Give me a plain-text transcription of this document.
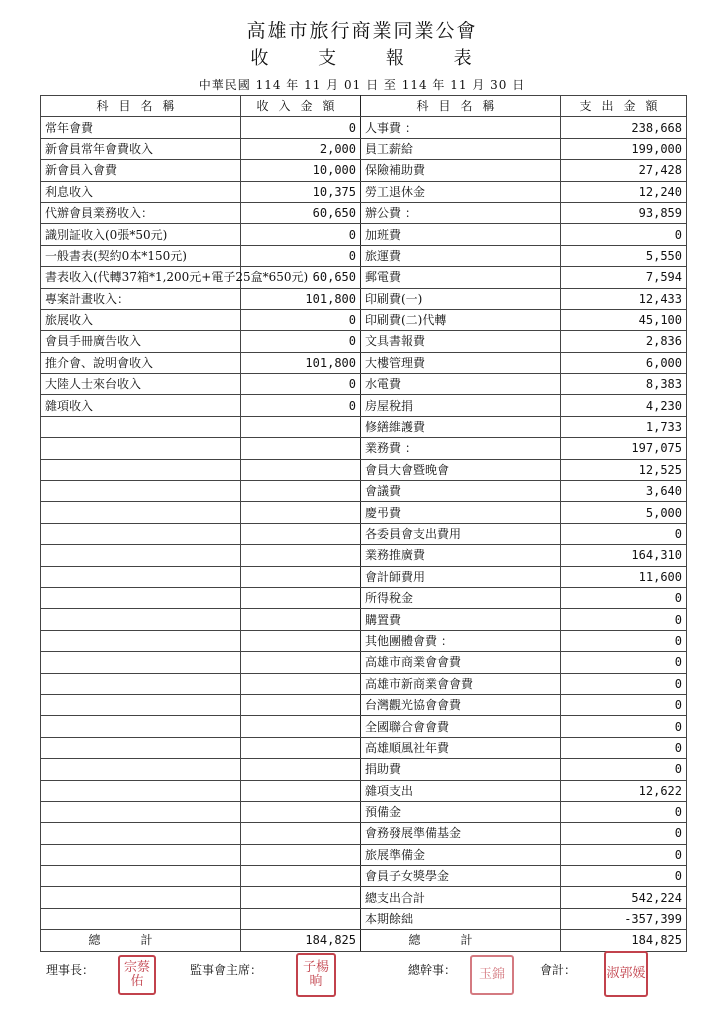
高雄市旅行商業同業公會
收 支 報 表
中華民國 114 年 11 月 01 日 至 114 年 11 月 30 日
科目名稱	收入金額	科目名稱	支出金額
常年會費	0	人事費 ：	238,668
新會員常年會費收入	2,000	員工薪給	199,000
新會員入會費	10,000	保險補助費	27,428
利息收入	10,375	勞工退休金	12,240
代辦會員業務收入：	60,650	辦公費 ：	93,859
識別証收入(0張*50元)	0	加班費	0
一般書表(契約0本*150元)	0	旅運費	5,550
書表收入(代轉37箱*1,200元+電子25盒*650元)	60,650	郵電費	7,594
專案計畫收入：	101,800	印刷費(一)	12,433
旅展收入	0	印刷費(二)代轉	45,100
會員手冊廣告收入	0	文具書報費	2,836
推介會、說明會收入	101,800	大樓管理費	6,000
大陸人士來台收入	0	水電費	8,383
雜項收入	0	房屋稅捐	4,230
		修繕維護費	1,733
		業務費 ：	197,075
		會員大會暨晚會	12,525
		會議費	3,640
		慶弔費	5,000
		各委員會支出費用	0
		業務推廣費	164,310
		會計師費用	11,600
		所得稅金	0
		購置費	0
		其他團體會費 ：	0
		高雄市商業會會費	0
		高雄市新商業會會費	0
		台灣觀光協會會費	0
		全國聯合會會費	0
		高雄順風社年費	0
		捐助費	0
		雜項支出	12,622
		預備金	0
		會務發展準備基金	0
		旅展準備金	0
		會員子女獎學金	0
		總支出合計	542,224
		本期餘絀	-357,399
總計	184,825	總計	184,825
理事長：	宗蔡佑
監事會主席：	子楊晌
總幹事：	玉錦	會計： 淑郭媛
